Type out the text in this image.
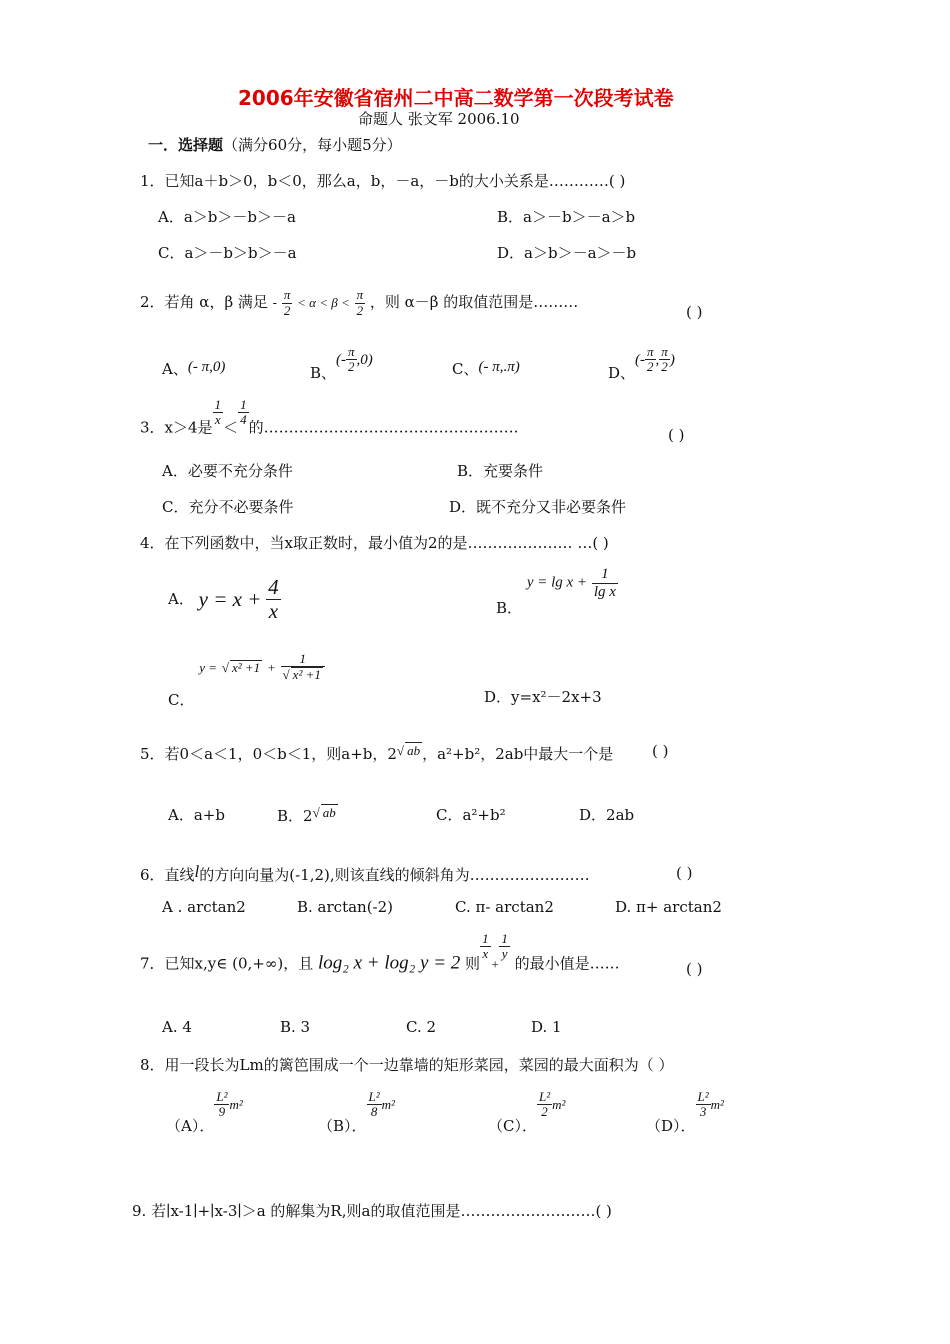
2006年安徽省宿州二中高二数学第一次段考试卷
命题人 张文军 2006.10
一．选择题（满分60分，每小题5分）
1．已知a＋b＞0，b＜0，那么a，b，－a，－b的大小关系是…………( )
A．a＞b＞－b＞－a	B．a＞－b＞－a＞b
C．a＞－b＞b＞－a	D．a＞b＞－a＞－b
2．若角 α，β 满足 - $\frac{\pi}{2} < \alpha < \beta < \frac{\pi}{2}$ ，则 α－β 的取值范围是………
( )
A、(- π,0)	B、(- $\frac{\pi}{2} ,0$)
C、(- π,.π)	D、(- $\frac{\pi}{2}$ , $\frac{\pi}{2}$ )
3．x＞4是 $\frac{1}{x} < \frac{1}{4}$ 的……………………………………………	( )
A．必要不充分条件	B．充要条件
C．充分不必要条件	D．既不充分又非必要条件
4．在下列函数中，当x取正数时，最小值为2的是………………… …( )
A． $y = x + \frac{4}{x}$	B． $y = \lg x + \frac{1}{\text{lg x}}$
C． y = √ $x^2 +1 + \frac{1}{\text{√ x² +1}}$
D．y=x²－2x+3
5．若0＜a＜1，0＜b＜1，则a+b，2√ ab ，a²+b²，2ab中最大一个是	( )
A．a+b	B．2√ ab	C．a²+b²	D．2ab
6．直线l的方向向量为(-1,2),则该直线的倾斜角为……………………	( )
A . arctan2	B. arctan(-2)	C. π- arctan2	D. π+ arctan2
7．已知x,y∈ (0,+∞)，且 log₂ x + log₂ y = 2 则
$\frac{1}{x}$
+
$\frac{1}{y}$
的最小值是……	( )
A. 4	B. 3	C. 2	D. 1
8．用一段长为Lm的篱笆围成一个一边靠墙的矩形菜园，菜园的最大面积为（ ）
（A）．
$\frac{\text{L²}}{9} m^2$
（B）．
$\frac{\text{L²}}{8} m^2$
（C）．
$\frac{\text{L²}}{2} m^2$
（D）．
$\frac{\text{L²}}{3} m^2$
9. 若∣x-1∣+∣x-3∣＞a 的解集为R,则a的取值范围是………………………( )
